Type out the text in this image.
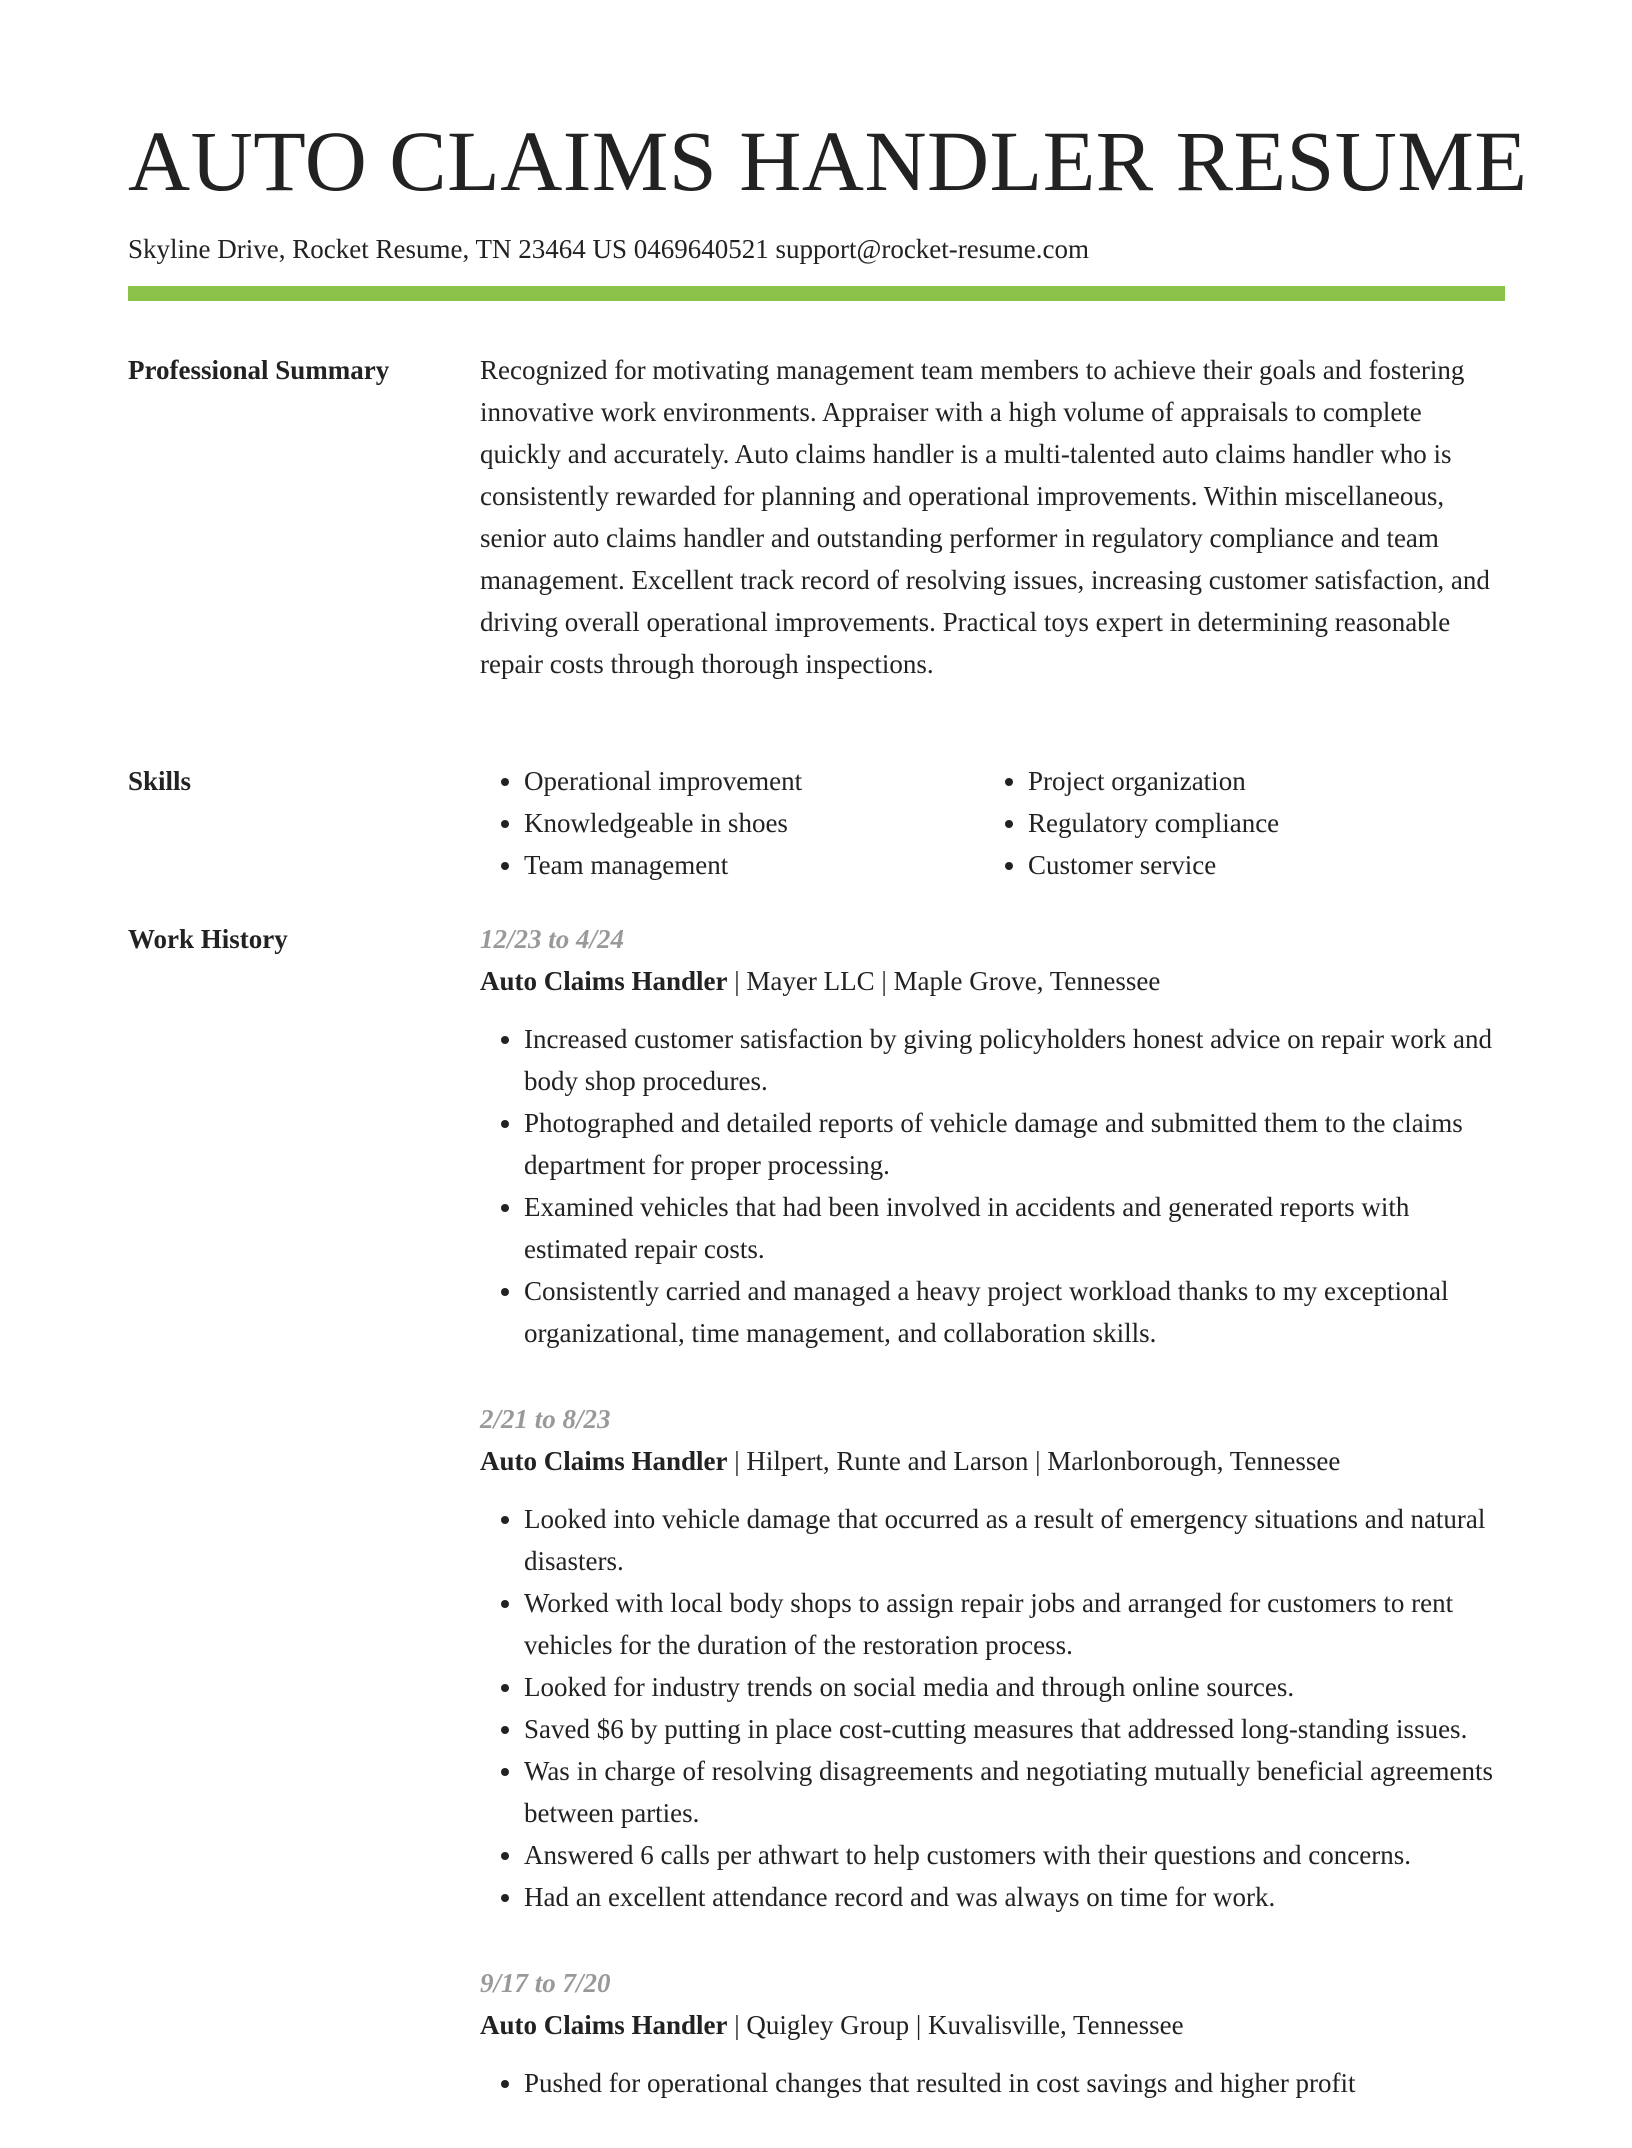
AUTO CLAIMS HANDLER RESUME
Skyline Drive, Rocket Resume, TN 23464 US 0469640521 support@rocket-resume.com
Professional Summary	Recognized for motivating management team members to achieve their goals and fostering innovative work environments. Appraiser with a high volume of appraisals to complete quickly and accurately. Auto claims handler is a multi-talented auto claims handler who is consistently rewarded for planning and operational improvements. Within miscellaneous, senior auto claims handler and outstanding performer in regulatory compliance and team management. Excellent track record of resolving issues, increasing customer satisfaction, and driving overall operational improvements. Practical toys expert in determining reasonable repair costs through thorough inspections.

Skills
•	Operational improvement
• Knowledgeable in shoes
• Team management
• Project organization
• Regulatory compliance
• Customer service
Work History	12/23 to 4/24
Auto Claims Handler | Mayer LLC | Maple Grove, Tennessee
• Increased customer satisfaction by giving policyholders honest advice on repair work and body shop procedures.
• Photographed and detailed reports of vehicle damage and submitted them to the claims department for proper processing.
• Examined vehicles that had been involved in accidents and generated reports with estimated repair costs.
• Consistently carried and managed a heavy project workload thanks to my exceptional organizational, time management, and collaboration skills.
2/21 to 8/23
Auto Claims Handler | Hilpert, Runte and Larson | Marlonborough, Tennessee
• Looked into vehicle damage that occurred as a result of emergency situations and natural disasters.
• Worked with local body shops to assign repair jobs and arranged for customers to rent vehicles for the duration of the restoration process.
• Looked for industry trends on social media and through online sources.
• Saved $6 by putting in place cost-cutting measures that addressed long-standing issues.
• Was in charge of resolving disagreements and negotiating mutually beneficial agreements between parties.
• Answered 6 calls per athwart to help customers with their questions and concerns.
• Had an excellent attendance record and was always on time for work.
9/17 to 7/20
Auto Claims Handler | Quigley Group | Kuvalisville, Tennessee
• Pushed for operational changes that resulted in cost savings and higher profit
